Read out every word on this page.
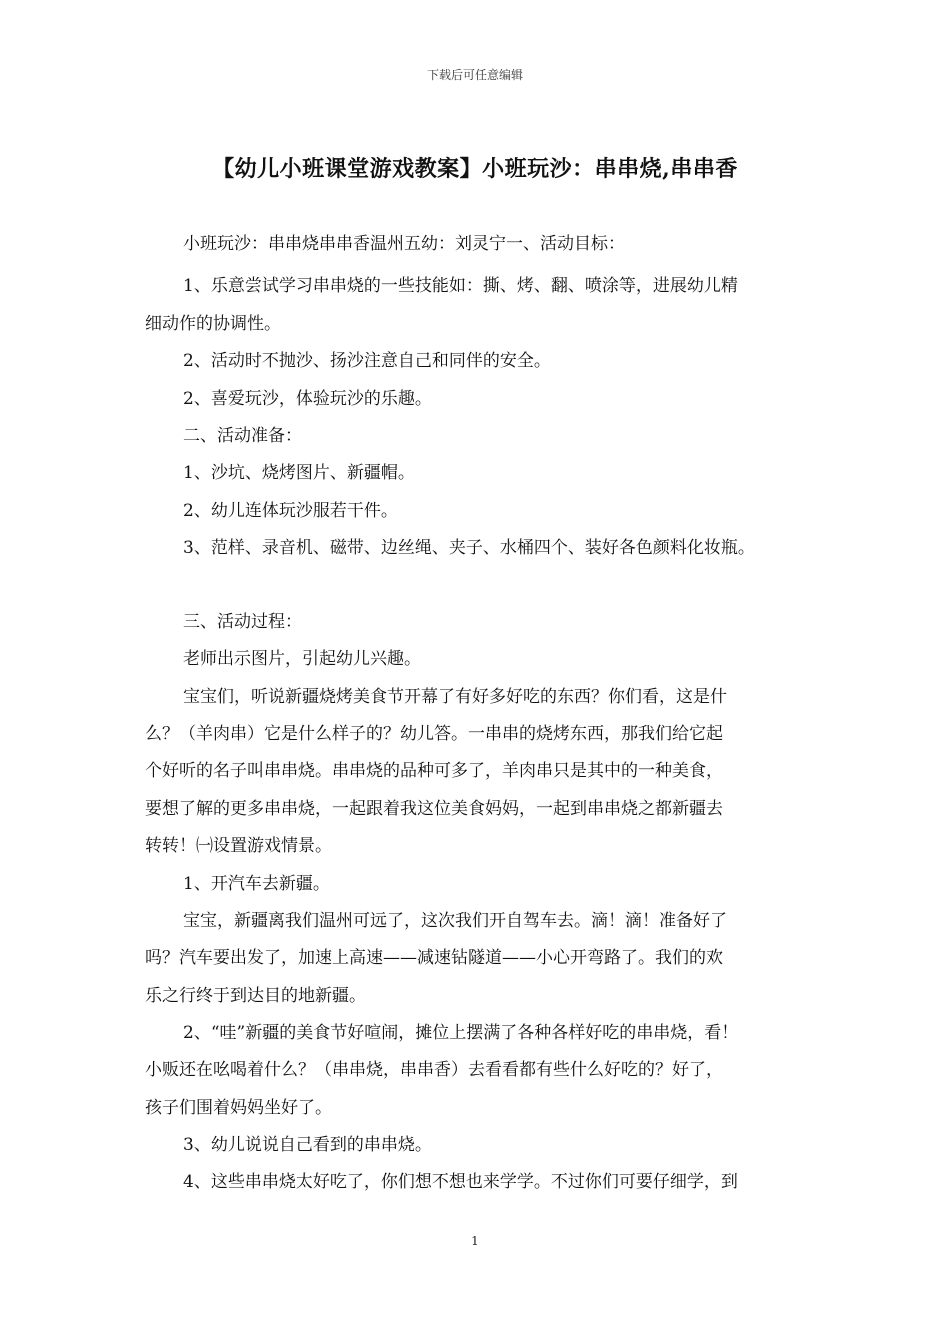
下载后可任意编辑
【幼儿小班课堂游戏教案】小班玩沙：串串烧,串串香
小班玩沙：串串烧串串香温州五幼：刘灵宁一、活动目标：
1、乐意尝试学习串串烧的一些技能如：撕、烤、翻、喷涂等，进展幼儿精
细动作的协调性。
2、活动时不抛沙、扬沙注意自己和同伴的安全。
2、喜爱玩沙，体验玩沙的乐趣。
二、活动准备：
1、沙坑、烧烤图片、新疆帽。
2、幼儿连体玩沙服若干件。
3、范样、录音机、磁带、边丝绳、夹子、水桶四个、装好各色颜料化妆瓶。
三、活动过程：
老师出示图片，引起幼儿兴趣。
宝宝们，听说新疆烧烤美食节开幕了有好多好吃的东西？你们看，这是什
么？（羊肉串）它是什么样子的？幼儿答。一串串的烧烤东西，那我们给它起
个好听的名子叫串串烧。串串烧的品种可多了，羊肉串只是其中的一种美食，
要想了解的更多串串烧，一起跟着我这位美食妈妈，一起到串串烧之都新疆去
转转！㈠设置游戏情景。
1、开汽车去新疆。
宝宝，新疆离我们温州可远了，这次我们开自驾车去。滴！滴！准备好了
吗？汽车要出发了，加速上高速——减速钻隧道——小心开弯路了。我们的欢
乐之行终于到达目的地新疆。
2、“哇”新疆的美食节好喧闹，摊位上摆满了各种各样好吃的串串烧，看！
小贩还在吆喝着什么？（串串烧，串串香）去看看都有些什么好吃的？好了，
孩子们围着妈妈坐好了。
3、幼儿说说自己看到的串串烧。
4、这些串串烧太好吃了，你们想不想也来学学。不过你们可要仔细学，到
1
